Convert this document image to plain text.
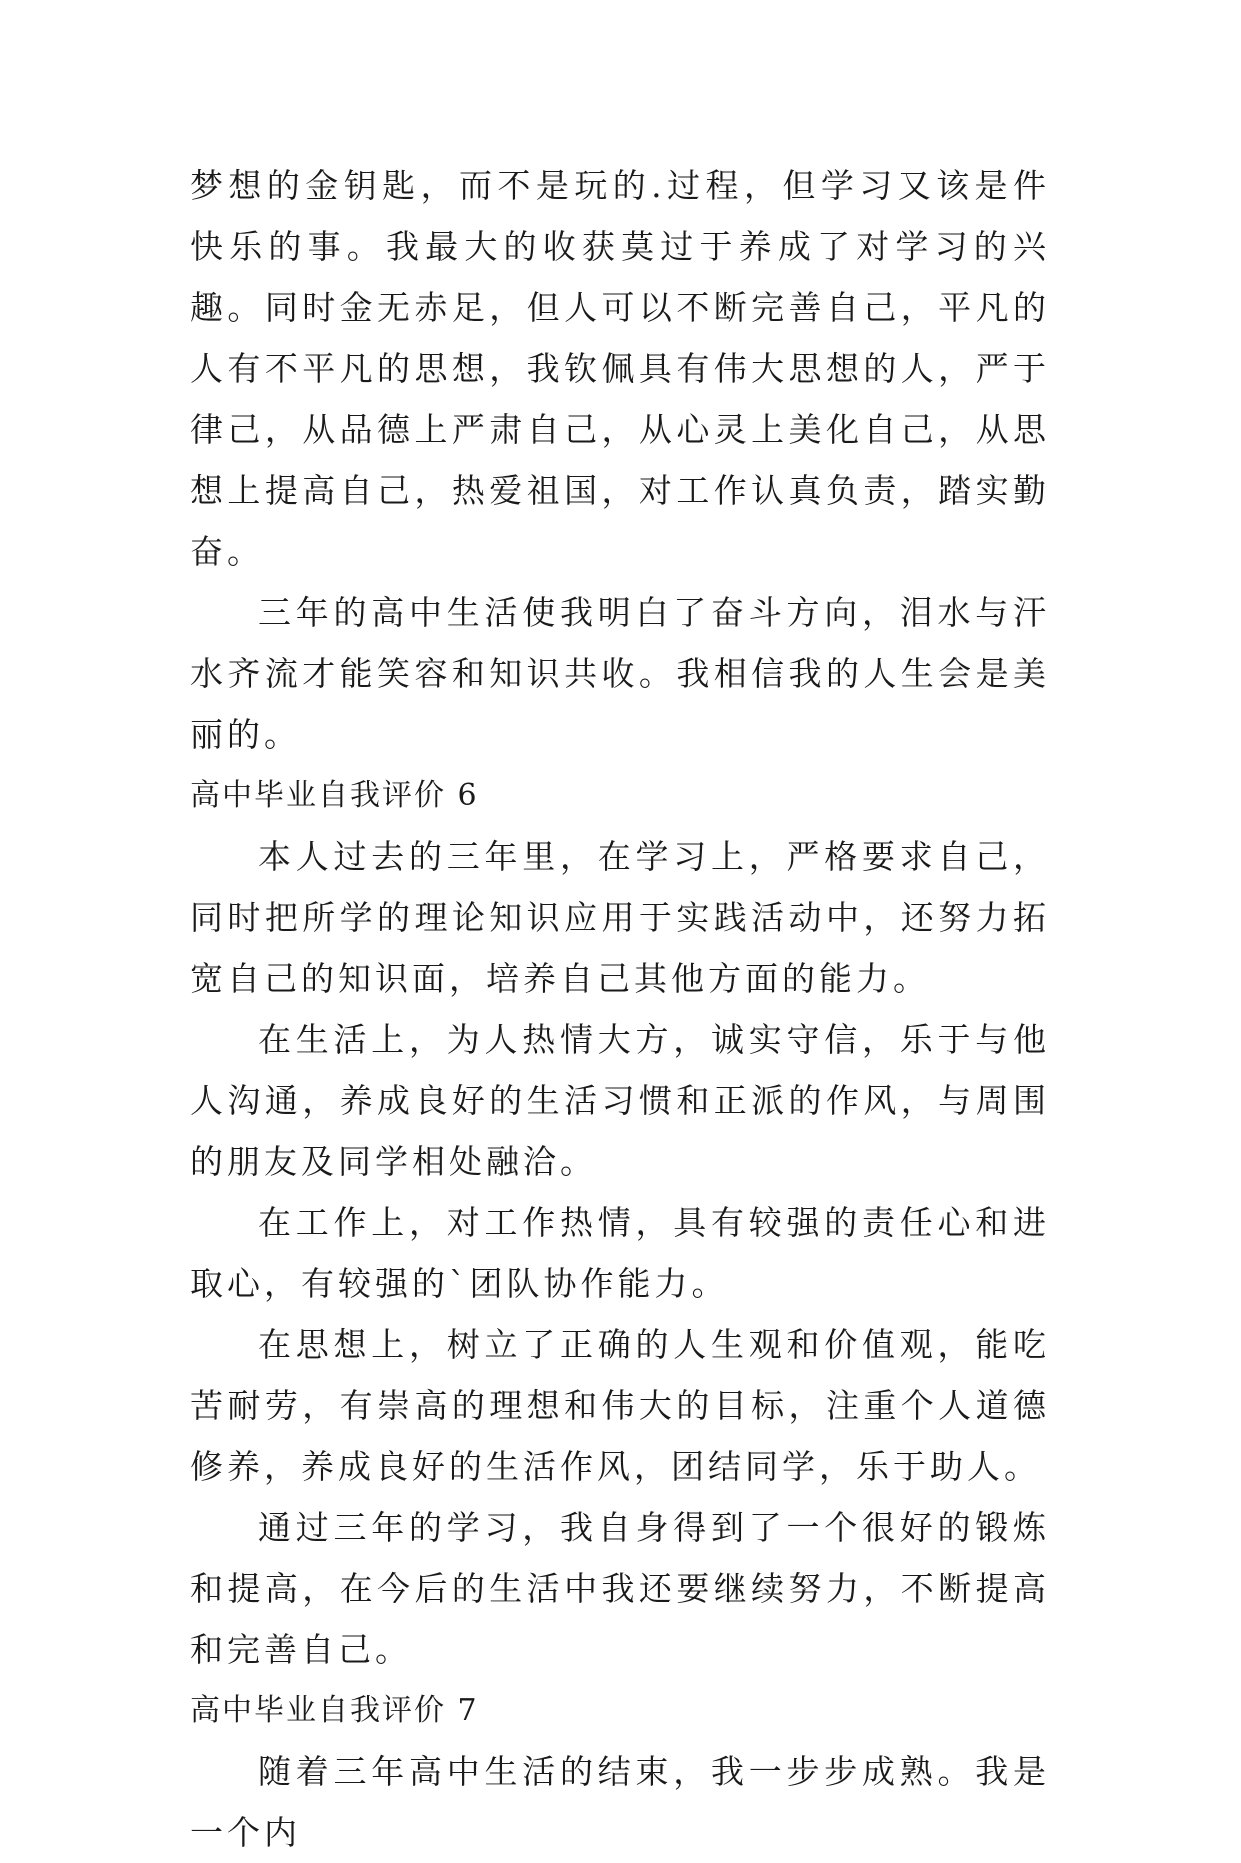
梦想的金钥匙，而不是玩的.过程，但学习又该是件快乐的事。我最大的收获莫过于养成了对学习的兴趣。同时金无赤足，但人可以不断完善自己，平凡的人有不平凡的思想，我钦佩具有伟大思想的人，严于律己，从品德上严肃自己，从心灵上美化自己，从思想上提高自己，热爱祖国，对工作认真负责，踏实勤奋。

三年的高中生活使我明白了奋斗方向，泪水与汗水齐流才能笑容和知识共收。我相信我的人生会是美丽的。

高中毕业自我评价 6

本人过去的三年里，在学习上，严格要求自己，同时把所学的理论知识应用于实践活动中，还努力拓宽自己的知识面，培养自己其他方面的能力。

在生活上，为人热情大方，诚实守信，乐于与他人沟通，养成良好的生活习惯和正派的作风，与周围的朋友及同学相处融洽。

在工作上，对工作热情，具有较强的责任心和进取心，有较强的`团队协作能力。

在思想上，树立了正确的人生观和价值观，能吃苦耐劳，有崇高的理想和伟大的目标，注重个人道德修养，养成良好的生活作风，团结同学，乐于助人。

通过三年的学习，我自身得到了一个很好的锻炼和提高，在今后的生活中我还要继续努力，不断提高和完善自己。

高中毕业自我评价 7

随着三年高中生活的结束，我一步步成熟。我是一个内
